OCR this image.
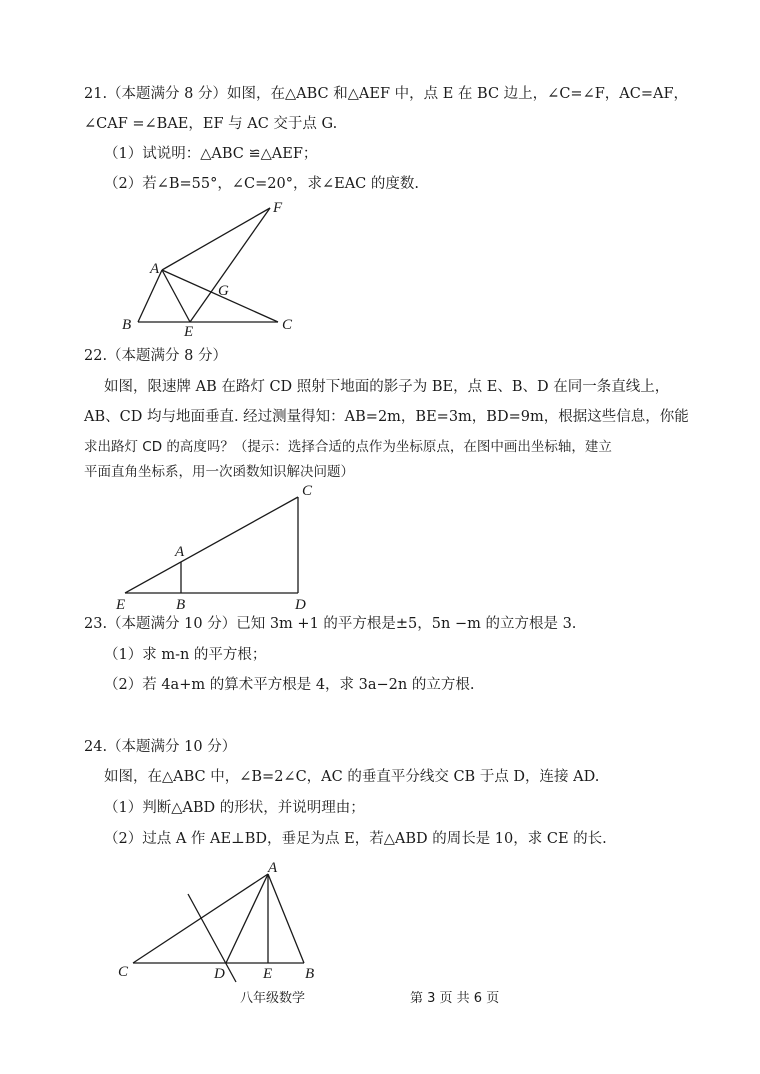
21.（本题满分 8 分）如图，在△ABC 和△AEF 中，点 E 在 BC 边上，∠C=∠F，AC=AF，
∠CAF =∠BAE，EF 与 AC 交于点 G.
（1）试说明：△ABC ≌△AEF；
（2）若∠B=55°，∠C=20°，求∠EAC 的度数.
A
B	C
E
F
G
C
A
E	B	D
A
C	D	E B
22.（本题满分 8 分）
如图，限速牌 AB 在路灯 CD 照射下地面的影子为 BE，点 E、B、D 在同一条直线上，
AB、CD 均与地面垂直. 经过测量得知：AB=2m，BE=3m，BD=9m，根据这些信息，你能
求出路灯 CD 的高度吗？（提示：选择合适的点作为坐标原点，在图中画出坐标轴，建立
平面直角坐标系，用一次函数知识解决问题）
23.（本题满分 10 分）已知 3m +1 的平方根是±5，5n −m 的立方根是 3.
（1）求 m-n 的平方根；
（2）若 4a+m 的算术平方根是 4，求 3a−2n 的立方根.
24.（本题满分 10 分）
如图，在△ABC 中，∠B=2∠C，AC 的垂直平分线交 CB 于点 D，连接 AD.
（1）判断△ABD 的形状，并说明理由；
（2）过点 A 作 AE⊥BD，垂足为点 E，若△ABD 的周长是 10，求 CE 的长.
八年级数学	第 3 页 共 6 页
